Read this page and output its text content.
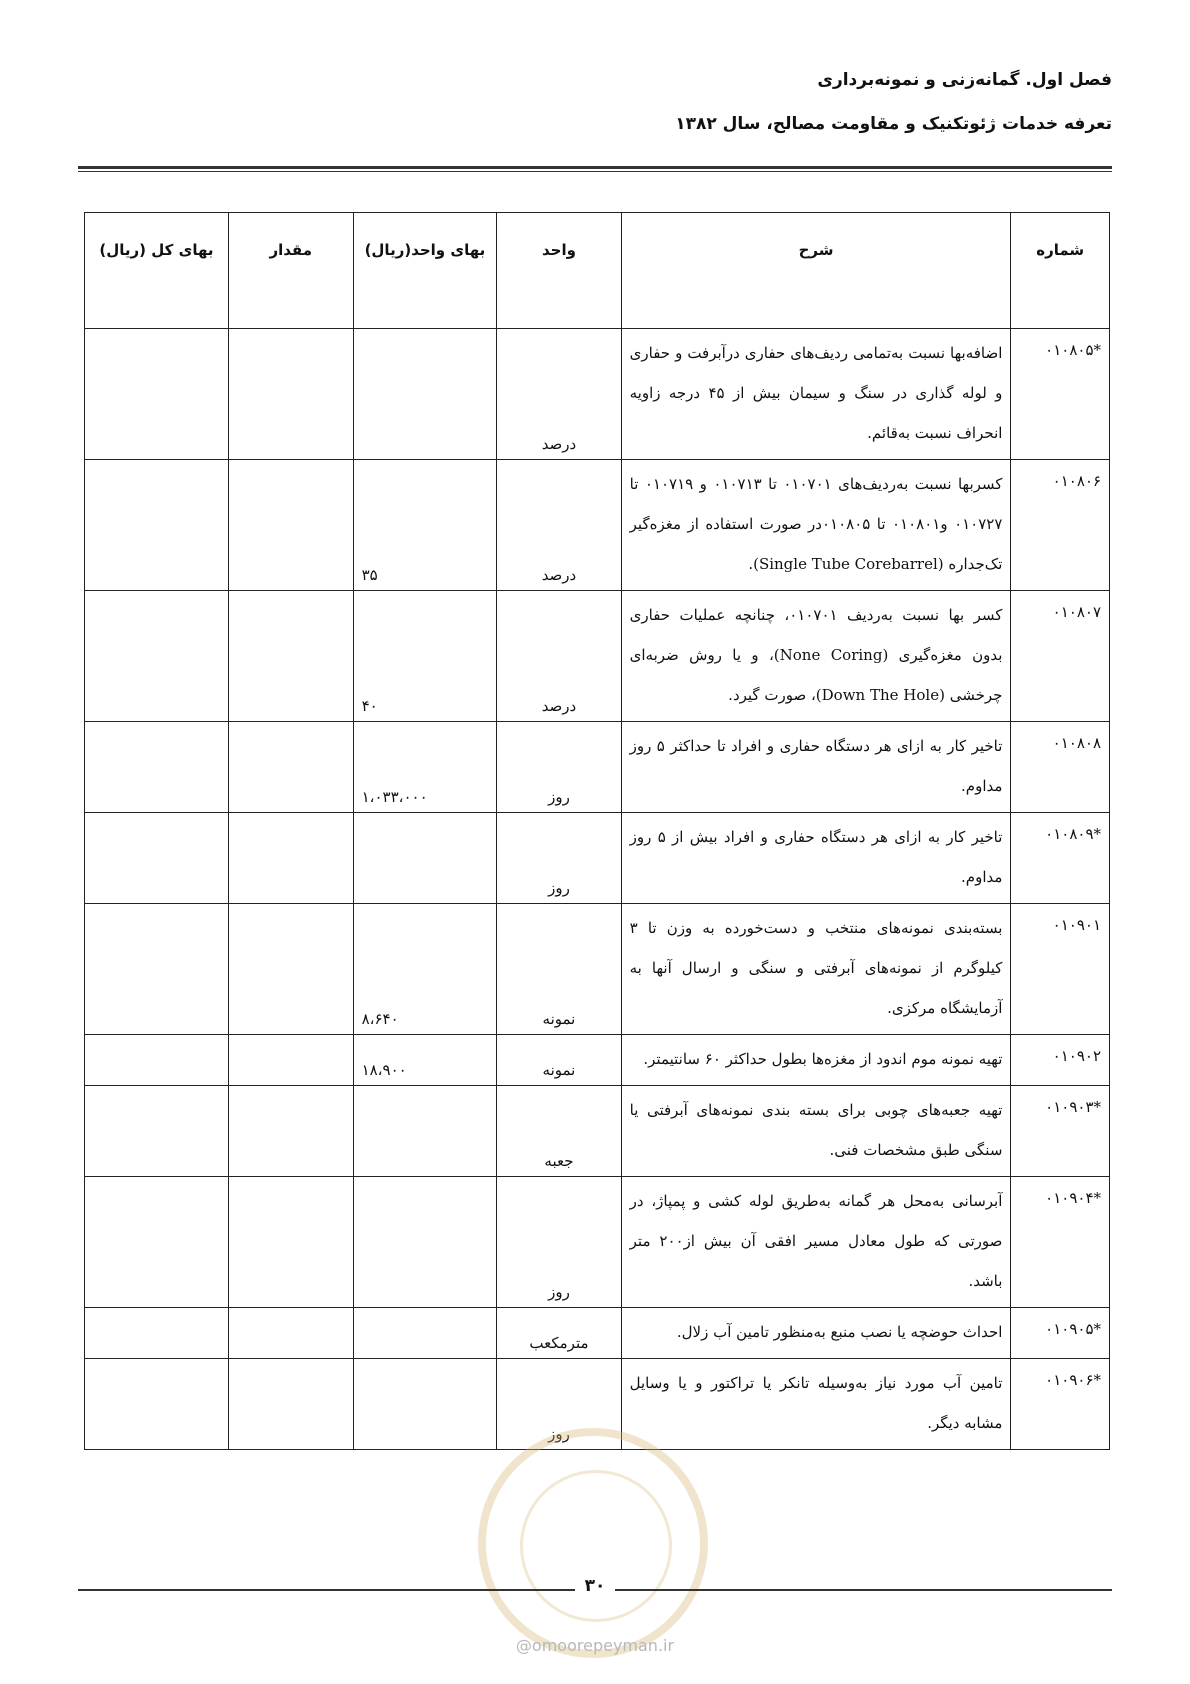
فصل اول. گمانه‌زنی و نمونه‌برداری
تعرفه خدمات ژئوتکنیک و مقاومت مصالح، سال ۱۳۸۲
شماره	شرح	واحد	بهای واحد(ریال)	مقدار	بهای کل (ریال)
*۰۱۰۸۰۵	اضافه‌بها نسبت به‌تمامی ردیف‌های حفاری درآبرفت و حفاری و لوله گذاری در سنگ و سیمان بیش از ۴۵ درجه زاویه انحراف نسبت به‌قائم.	درصد			
۰۱۰۸۰۶	کسربها نسبت به‌ردیف‌های ۰۱۰۷۰۱ تا ۰۱۰۷۱۳ و ۰۱۰۷۱۹ تا ۰۱۰۷۲۷ و۰۱۰۸۰۱ تا ۰۱۰۸۰۵در صورت استفاده از مغزه‌گیر تک‌جداره (Single Tube Corebarrel).	درصد	۳۵		
۰۱۰۸۰۷	کسر بها نسبت به‌ردیف ۰۱۰۷۰۱، چنانچه عملیات حفاری بدون مغزه‌گیری (None Coring)، و یا روش ضربه‌ای چرخشی (Down The Hole)، صورت گیرد.	درصد	۴۰		
۰۱۰۸۰۸	تاخیر کار به ازای هر دستگاه حفاری و افراد تا حداکثر ۵ روز مداوم.	روز	۱،۰۳۳،۰۰۰		
*۰۱۰۸۰۹	تاخیر کار به ازای هر دستگاه حفاری و افراد بیش از ۵ روز مداوم.	روز			
۰۱۰۹۰۱	بسته‌بندی نمونه‌های منتخب و دست‌خورده به وزن تا ۳ کیلوگرم از نمونه‌های آبرفتی و سنگی و ارسال آنها به آزمایشگاه مرکزی.	نمونه	۸،۶۴۰		
۰۱۰۹۰۲	تهیه نمونه موم اندود از مغزه‌ها بطول حداکثر ۶۰ سانتیمتر.	نمونه	۱۸،۹۰۰		
*۰۱۰۹۰۳	تهیه جعبه‌های چوبی برای بسته بندی نمونه‌های آبرفتی یا سنگی طبق مشخصات فنی.	جعبه			
*۰۱۰۹۰۴	آبرسانی به‌محل هر گمانه به‌طریق لوله کشی و پمپاژ، در صورتی که طول معادل مسیر افقی آن بیش از۲۰۰ متر باشد.	روز			
*۰۱۰۹۰۵	احداث حوضچه یا نصب منبع به‌منظور تامین آب زلال.	مترمکعب			
*۰۱۰۹۰۶	تامین آب مورد نیاز به‌وسیله تانکر یا تراکتور و یا وسایل مشابه دیگر.	روز			
۳۰
@omoorepeyman.ir
